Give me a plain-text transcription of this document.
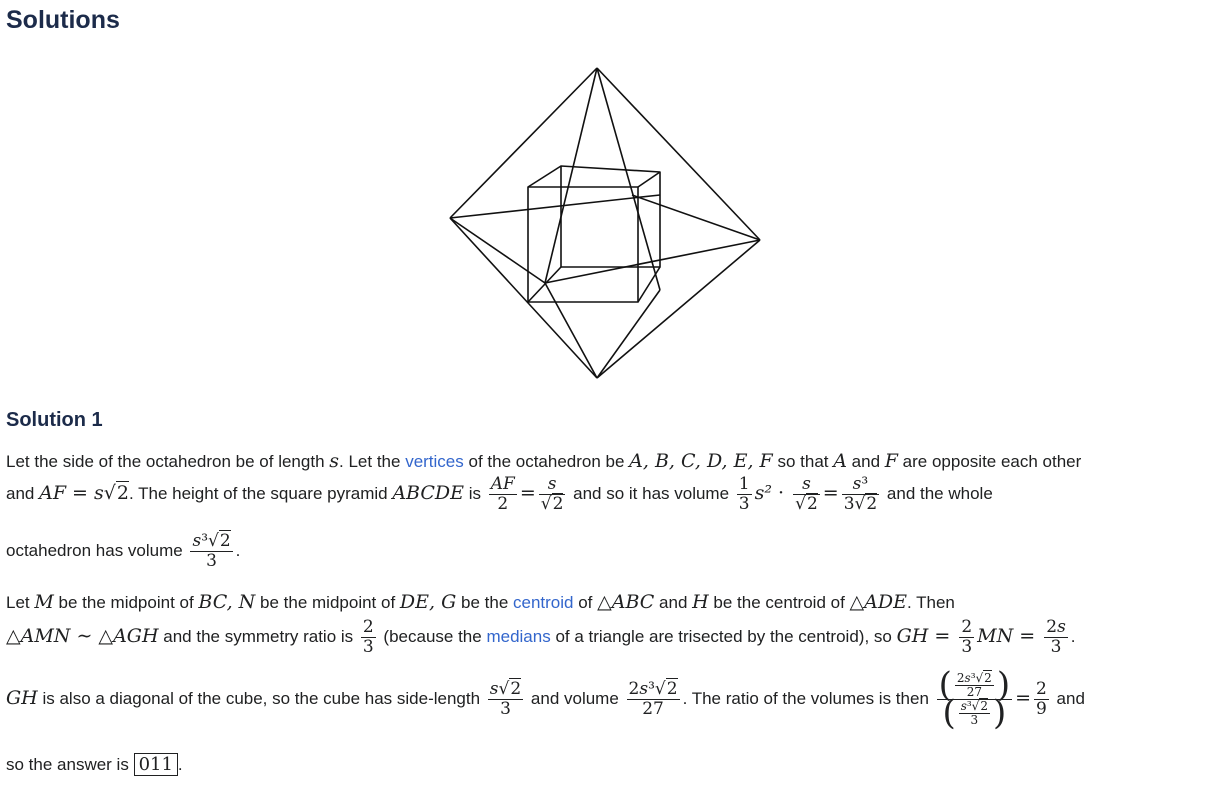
Solutions
Solution 1
Let the side of the octahedron be of length s. Let the vertices of the octahedron be A, B, C, D, E, F so that A and F are opposite each other
and AF = s√2. The height of the square pyramid ABCDE is $\frac{AF}{2} = \frac{s}{√2}$ and so it has volume $\frac{1}{3} s^2 \cdot \frac{s}{√2} = \frac{\text{s³}}{3√2}$ and the whole
octahedron has volume $\frac{\text{s³√2}}{3}$ .
Let M be the midpoint of BC, N be the midpoint of DE, G be the centroid of △ABC and H be the centroid of △ADE. Then
△AMN ∼ △AGH and the symmetry ratio is $\frac{2}{3}$ (because the medians of a triangle are trisected by the centroid), so GH = $\frac{2}{3}$ MN = $\frac{2s}{3}$ .
GH is also a diagonal of the cube, so the cube has side-length $\frac{s√2}{3}$ and volume $\frac{\text{2s³√2}}{27}$ . The ratio of the volumes is then $\frac{( \frac{\text{2s³√2}}{27} )}{( \frac{\text{s³√2}}{3} )} = \frac{2}{9}$ and
so the answer is 011 .
